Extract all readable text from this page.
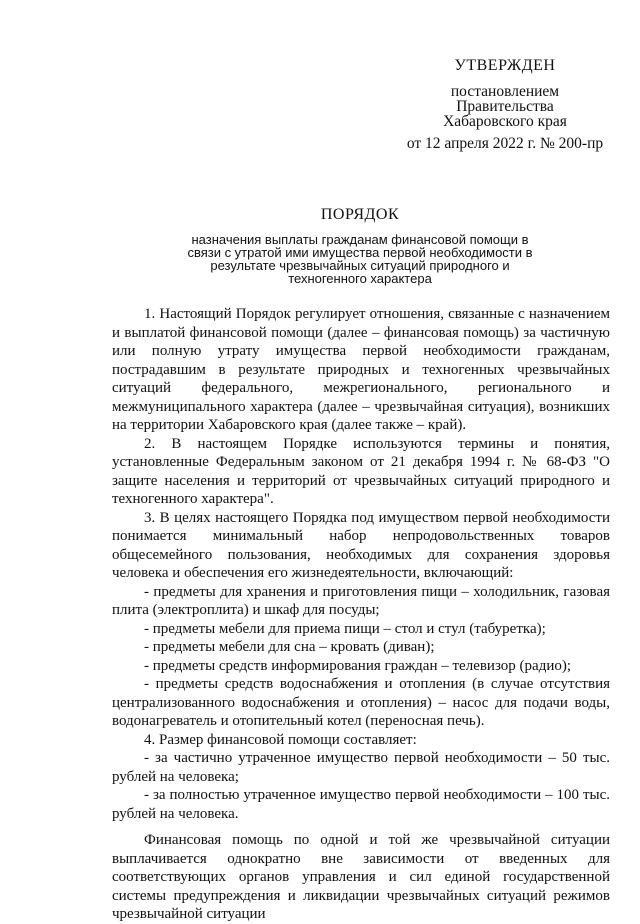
УТВЕРЖДЕН
постановлением
Правительства
Хабаровского края
от 12 апреля 2022 г. № 200-пр
ПОРЯДОК
назначения выплаты гражданам финансовой помощи в связи с утратой ими имущества первой необходимости в результате чрезвычайных ситуаций природного и техногенного характера

1. Настоящий Порядок регулирует отношения, связанные с назначением и выплатой финансовой помощи (далее – финансовая помощь) за частичную или полную утрату имущества первой необходимости гражданам, пострадавшим в результате природных и техногенных чрезвычайных ситуаций федерального, межрегионального, регионального и межмуниципального характера (далее – чрезвычайная ситуация), возникших на территории Хабаровского края (далее также – край).

2. В настоящем Порядке используются термины и понятия, установленные Федеральным законом от 21 декабря 1994 г. № 68-ФЗ "О защите населения и территорий от чрезвычайных ситуаций природного и техногенного характера".

3. В целях настоящего Порядка под имуществом первой необходимости понимается минимальный набор непродовольственных товаров общесемейного пользования, необходимых для сохранения здоровья человека и обеспечения его жизнедеятельности, включающий:

- предметы для хранения и приготовления пищи – холодильник, газовая плита (электроплита) и шкаф для посуды;

- предметы мебели для приема пищи – стол и стул (табуретка);

- предметы мебели для сна – кровать (диван);

- предметы средств информирования граждан – телевизор (радио);

- предметы средств водоснабжения и отопления (в случае отсутствия централизованного водоснабжения и отопления) – насос для подачи воды, водонагреватель и отопительный котел (переносная печь).

4. Размер финансовой помощи составляет:

- за частично утраченное имущество первой необходимости – 50 тыс. рублей на человека;

- за полностью утраченное имущество первой необходимости – 100 тыс. рублей на человека.

Финансовая помощь по одной и той же чрезвычайной ситуации выплачивается однократно вне зависимости от введенных для соответствующих органов управления и сил единой государственной системы предупреждения и ликвидации чрезвычайных ситуаций режимов чрезвычайной ситуации
